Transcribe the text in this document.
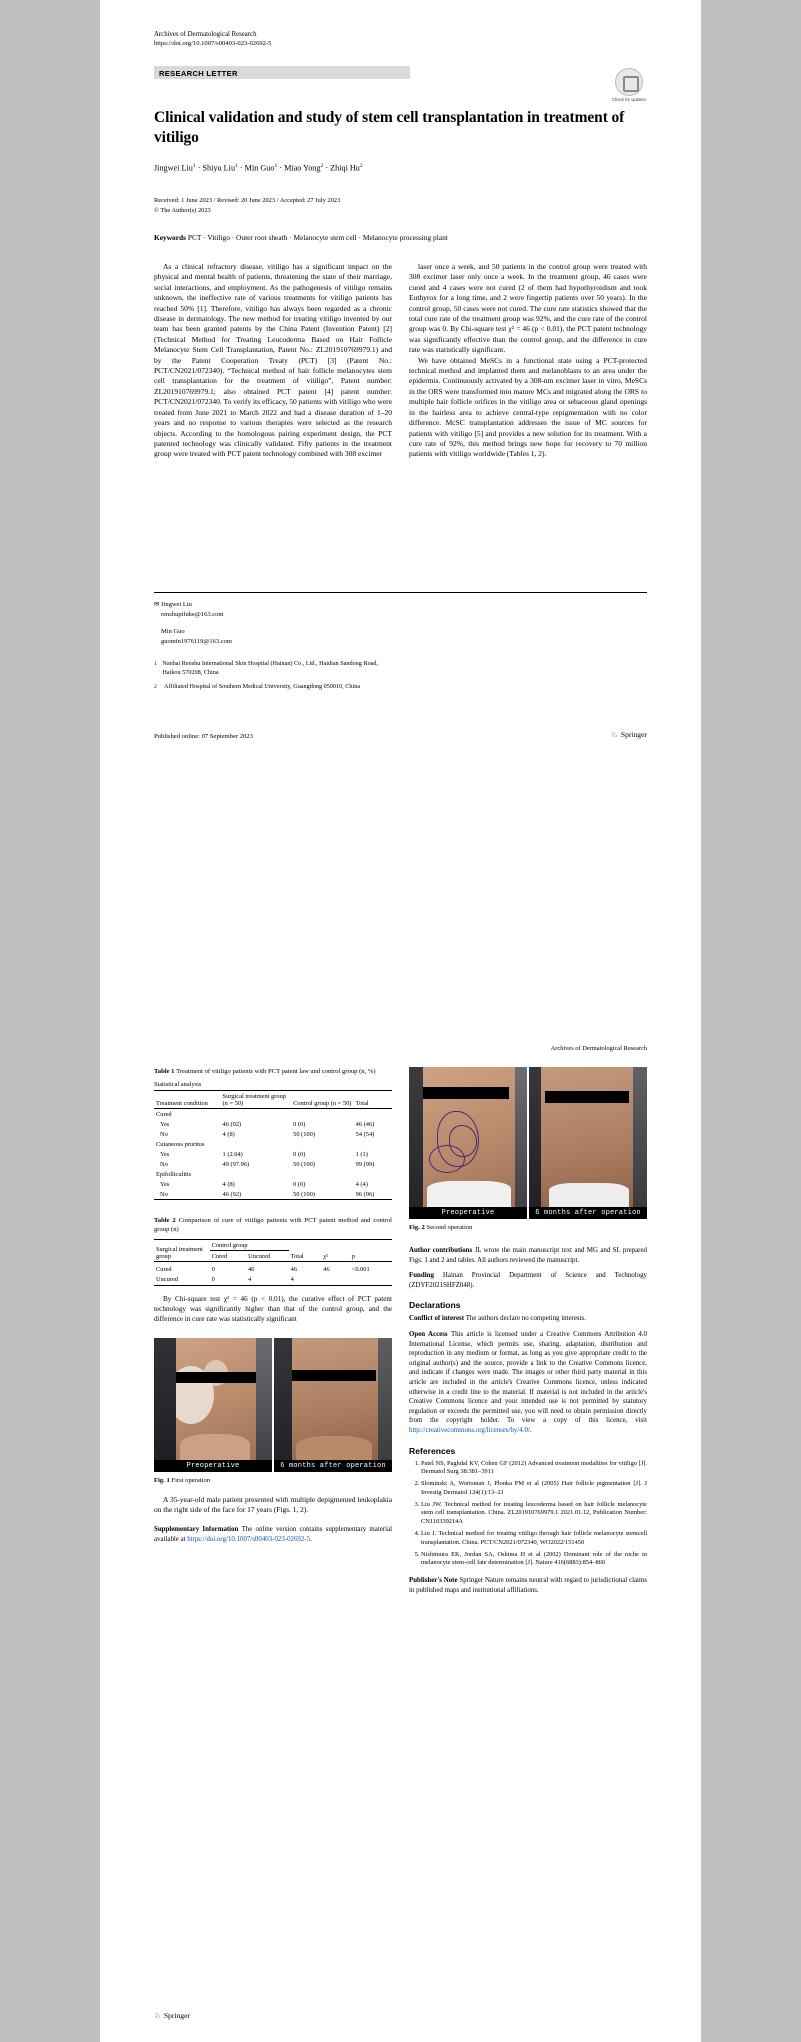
Archives of Dermatological Research
https://doi.org/10.1007/s00403-023-02692-5
RESEARCH LETTER
Check for updates
Clinical validation and study of stem cell transplantation in treatment of vitiligo
Jingwei Liu$^1$ · Shiyu Liu$^1$ · Min Guo$^1$ · Miao Yong$^2$ · Zhiqi Hu$^2$
Received: 1 June 2023 / Revised: 20 June 2023 / Accepted: 27 July 2023
© The Author(s) 2023
Keywords PCT · Vitiligo · Outer root sheath · Melanocyte stem cell · Melanocyte processing plant

As a clinical refractory disease, vitiligo has a significant impact on the physical and mental health of patients, threatening the state of their marriage, social interactions, and employment. As the pathogenesis of vitiligo remains unknown, the ineffective rate of various treatments for vitiligo patients has reached 50% [1]. Therefore, vitiligo has always been regarded as a chronic disease in dermatology. The new method for treating vitiligo invented by our team has been granted patents by the China Patent (Invention Patent) [2] (Technical Method for Treating Leucoderma Based on Hair Follicle Melanocyte Stem Cell Transplantation, Patent No.: ZL201910769979.1) and by the Patent Cooperation Treaty (PCT) [3] (Patent No.: PCT/CN2021/072340). “Technical method of hair follicle melanocytes stem cell transplantation for the treatment of vitiligo”, Patent number: ZL201910769979.1; also obtained PCT patent [4] patent number: PCT/CN2021/072340. To verify its efficacy, 50 patients with vitiligo who were treated from June 2021 to March 2022 and had a disease duration of 1–20 years and no response to various therapies were selected as the research objects. According to the homologous pairing experiment design, the PCT patented technology was clinically validated. Fifty patients in the treatment group were treated with PCT patent technology combined with 308 excimer

laser once a week, and 50 patients in the control group were treated with 308 excimer laser only once a week. In the treatment group, 46 cases were cured and 4 cases were not cured (2 of them had hypothyroidism and took Euthyrox for a long time, and 2 were fingertip patients over 50 years). In the control group, 50 cases were not cured. The cure rate statistics showed that the total cure rate of the treatment group was 92%, and the cure rate of the control group was 0. By Chi-square test χ² = 46 (p < 0.01), the PCT patent technology was significantly effective than the control group, and the difference in cure rate was statistically significant.

We have obtained MeSCs in a functional state using a PCT-protected technical method and implanted them and melanoblasts to an area under the epidermis. Continuously activated by a 308-nm excimer laser in vitro, MeSCs in the ORS were transformed into mature MCs and migrated along the ORS to multiple hair follicle orifices in the vitiligo area or sebaceous gland openings in the hairless area to achieve central-type repigmentation with no color difference. McSC transplantation addresses the issue of MC sources for patients with vitiligo [5] and provides a new solution for its treatment. With a cure rate of 92%, this method brings new hope for recovery to 70 million patients with vitiligo worldwide (Tables 1, 2).

✉ Jingwei Liu
renshupifuke@163.com

Min Guo
guomin1976119@163.com
1 Nanhai Renshu International Skin Hospital (Hainan) Co., Ltd., Haidian Sandong Road, Haikou 570208, China
2	Affiliated Hospital of Southern Medical University, Guangdong 050010, China
Published online: 07 September 2023	♘ Springer
Archives of Dermatological Research
Table 1 Treatment of vitiligo patients with PCT patent law and control group (n, %)
Statistical analysis
Treatment condition	Surgical treatment group (n = 50)	Control group (n = 50)	Total
Cured			
Yes	46 (92)	0 (0)	46 (46)
No	4 (8)	50 (100)	54 (54)
Cutaneous pruritus			
Yes	1 (2.04)	0 (0)	1 (1)
No	49 (97.96)	50 (100)	99 (99)
Epifolliculitis			
Yes	4 (8)	0 (0)	4 (4)
No	46 (92)	50 (100)	96 (96)
Table 2 Comparison of cure of vitiligo patients with PCT patent method and control group (n)
Surgical treatment group	Control group		Total	χ²	p
	Cured	Uncured			
Cured	0	46	46	46	<0.001
Uncured	0	4	4		

By Chi-square test χ² = 46 (p < 0.01), the curative effect of PCT patent technology was significantly higher than that of the control group, and the difference in cure rate was statistically significant

Preoperative	6 months after operation
Fig. 1 First operation

A 35-year-old male patient presented with multiple depigmented leukoplakia on the right side of the face for 17 years (Figs. 1, 2).

Supplementary Information The online version contains supplementary material available at https://doi.org/10.1007/s00403-023-02692-5.

Preoperative	6 months after operation
Fig. 2 Second operation

Author contributions JL wrote the main manuscript text and MG and SL prepared Figs. 1 and 2 and tables. All authors reviewed the manuscript.

Funding Hainan Provincial Department of Science and Technology (ZDYF2021SHFZ048).

Declarations

Conflict of interest The authors declare no competing interests.

Open Access This article is licensed under a Creative Commons Attribution 4.0 International License, which permits use, sharing, adaptation, distribution and reproduction in any medium or format, as long as you give appropriate credit to the original author(s) and the source, provide a link to the Creative Commons licence, and indicate if changes were made. The images or other third party material in this article are included in the article's Creative Commons licence, unless indicated otherwise in a credit line to the material. If material is not included in the article's Creative Commons licence and your intended use is not permitted by statutory regulation or exceeds the permitted use, you will need to obtain permission directly from the copyright holder. To view a copy of this licence, visit http://creativecommons.org/licenses/by/4.0/.

References
1. Patel NS, Paghdal KV, Cohen GF (2012) Advanced treatment modalities for vitiligo [J]. Dermatol Surg 38:381–3911
2. Slominski A, Wortsman J, Plonka PM et al (2005) Hair follicle pigmentation [J]. J Investig Dermatol 124(1):13–21
3. Liu JW. Technical method for treating leucoderma based on hair follicle melanocyte stem cell transplantation. China. ZL201910769979.1 2021.01.12, Publication Number: CN110339214A
4. Liu J. Technical method for treating vitiligo through hair follicle melanocyte stemcell transplantation. China. PCT/CN2021/072340, WO2022/151450
5. Nishimura EK, Jordan SA, Oshima H et al (2002) Dominant role of the niche in melanocyte stem-cell fate determination [J]. Nature 416(6883):854–860

Publisher's Note Springer Nature remains neutral with regard to jurisdictional claims in published maps and institutional affiliations.

♘ Springer
